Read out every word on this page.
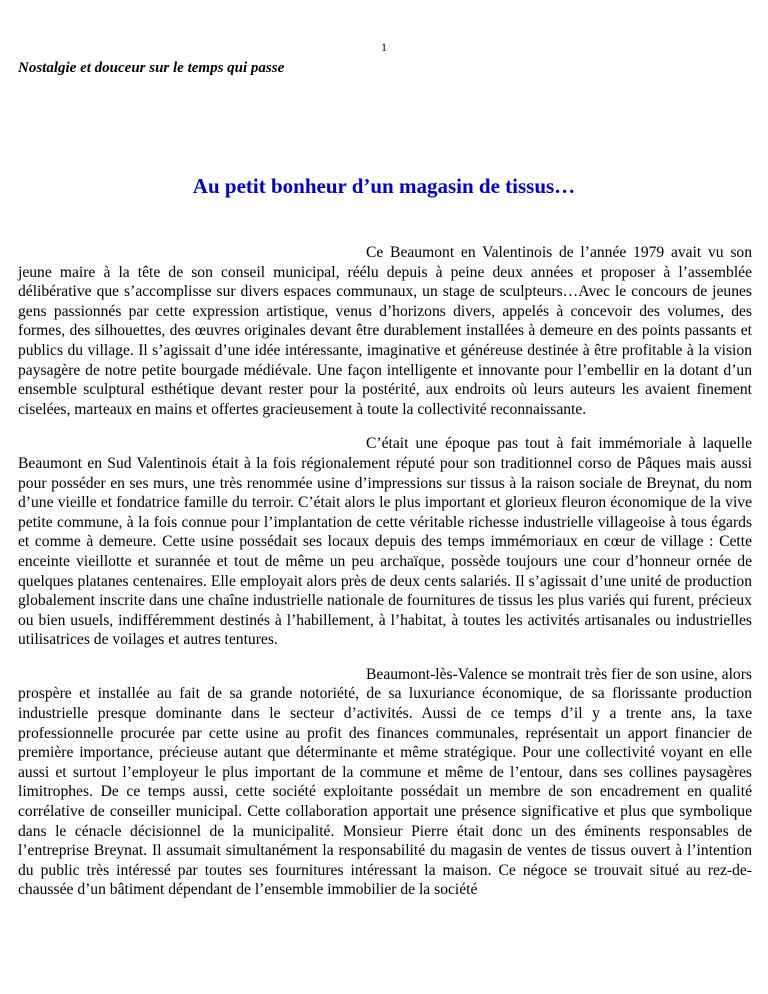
1
Nostalgie et douceur sur le temps qui passe
Au petit bonheur d’un magasin de tissus…

Ce Beaumont en Valentinois de l’année 1979 avait vu son jeune maire à la tête de son conseil municipal, réélu depuis à peine deux années et proposer à l’assemblée délibérative que s’accomplisse sur divers espaces communaux, un stage de sculpteurs…Avec le concours de jeunes gens passionnés par cette expression artistique, venus d’horizons divers, appelés à concevoir des volumes, des formes, des silhouettes, des œuvres originales devant être durablement installées à demeure en des points passants et publics du village. Il s’agissait d’une idée intéressante, imaginative et généreuse destinée à être profitable à la vision paysagère de notre petite bourgade médiévale. Une façon intelligente et innovante pour l’embellir en la dotant d’un ensemble sculptural esthétique devant rester pour la postérité, aux endroits où leurs auteurs les avaient finement ciselées, marteaux en mains et offertes gracieusement à toute la collectivité reconnaissante.

C’était une époque pas tout à fait immémoriale à laquelle Beaumont en Sud Valentinois était à la fois régionalement réputé pour son traditionnel corso de Pâques mais aussi pour posséder en ses murs, une très renommée usine d’impressions sur tissus à la raison sociale de Breynat, du nom d’une vieille et fondatrice famille du terroir. C’était alors le plus important et glorieux fleuron économique de la vive petite commune, à la fois connue pour l’implantation de cette véritable richesse industrielle villageoise à tous égards et comme à demeure. Cette usine possédait ses locaux depuis des temps immémoriaux en cœur de village : Cette enceinte vieillotte et surannée et tout de même un peu archaïque, possède toujours une cour d’honneur ornée de quelques platanes centenaires. Elle employait alors près de deux cents salariés. Il s’agissait d’une unité de production globalement inscrite dans une chaîne industrielle nationale de fournitures de tissus les plus variés qui furent, précieux ou bien usuels, indifféremment destinés à l’habillement, à l’habitat, à toutes les activités artisanales ou industrielles utilisatrices de voilages et autres tentures.

Beaumont-lès-Valence se montrait très fier de son usine, alors prospère et installée au fait de sa grande notoriété, de sa luxuriance économique, de sa florissante production industrielle presque dominante dans le secteur d’activités. Aussi de ce temps d’il y a trente ans, la taxe professionnelle procurée par cette usine au profit des finances communales, représentait un apport financier de première importance, précieuse autant que déterminante et même stratégique. Pour une collectivité voyant en elle aussi et surtout l’employeur le plus important de la commune et même de l’entour, dans ses collines paysagères limitrophes. De ce temps aussi, cette société exploitante possédait un membre de son encadrement en qualité corrélative de conseiller municipal. Cette collaboration apportait une présence significative et plus que symbolique dans le cénacle décisionnel de la municipalité. Monsieur Pierre était donc un des éminents responsables de l’entreprise Breynat. Il assumait simultanément la responsabilité du magasin de ventes de tissus ouvert à l’intention du public très intéressé par toutes ses fournitures intéressant la maison. Ce négoce se trouvait situé au rez-de-chaussée d’un bâtiment dépendant de l’ensemble immobilier de la société
